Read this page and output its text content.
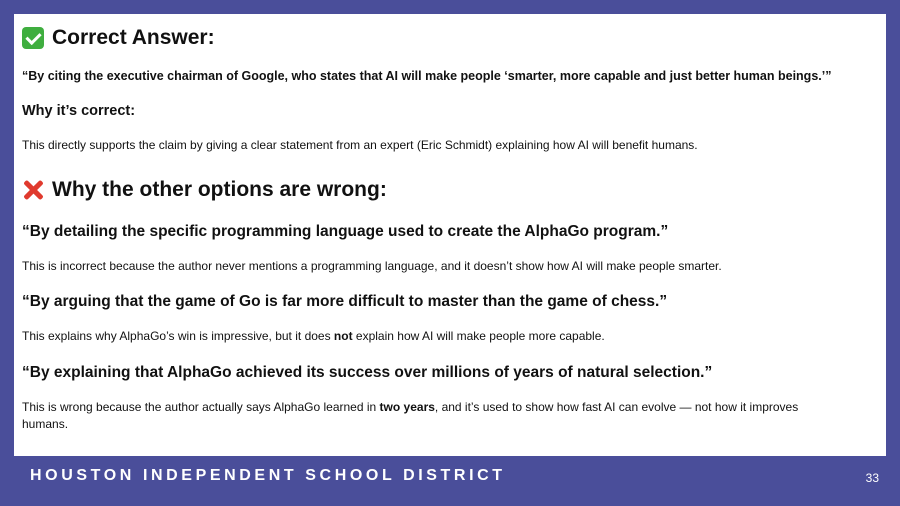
Correct Answer:
“By citing the executive chairman of Google, who states that AI will make people ‘smarter, more capable and just better human beings.’”
Why it’s correct:
This directly supports the claim by giving a clear statement from an expert (Eric Schmidt) explaining how AI will benefit humans.
Why the other options are wrong:
“By detailing the specific programming language used to create the AlphaGo program.”
This is incorrect because the author never mentions a programming language, and it doesn’t show how AI will make people smarter.
“By arguing that the game of Go is far more difficult to master than the game of chess.”
This explains why AlphaGo’s win is impressive, but it does not explain how AI will make people more capable.
“By explaining that AlphaGo achieved its success over millions of years of natural selection.”
This is wrong because the author actually says AlphaGo learned in two years, and it’s used to show how fast AI can evolve — not how it improves humans.
HOUSTON INDEPENDENT SCHOOL DISTRICT	33
